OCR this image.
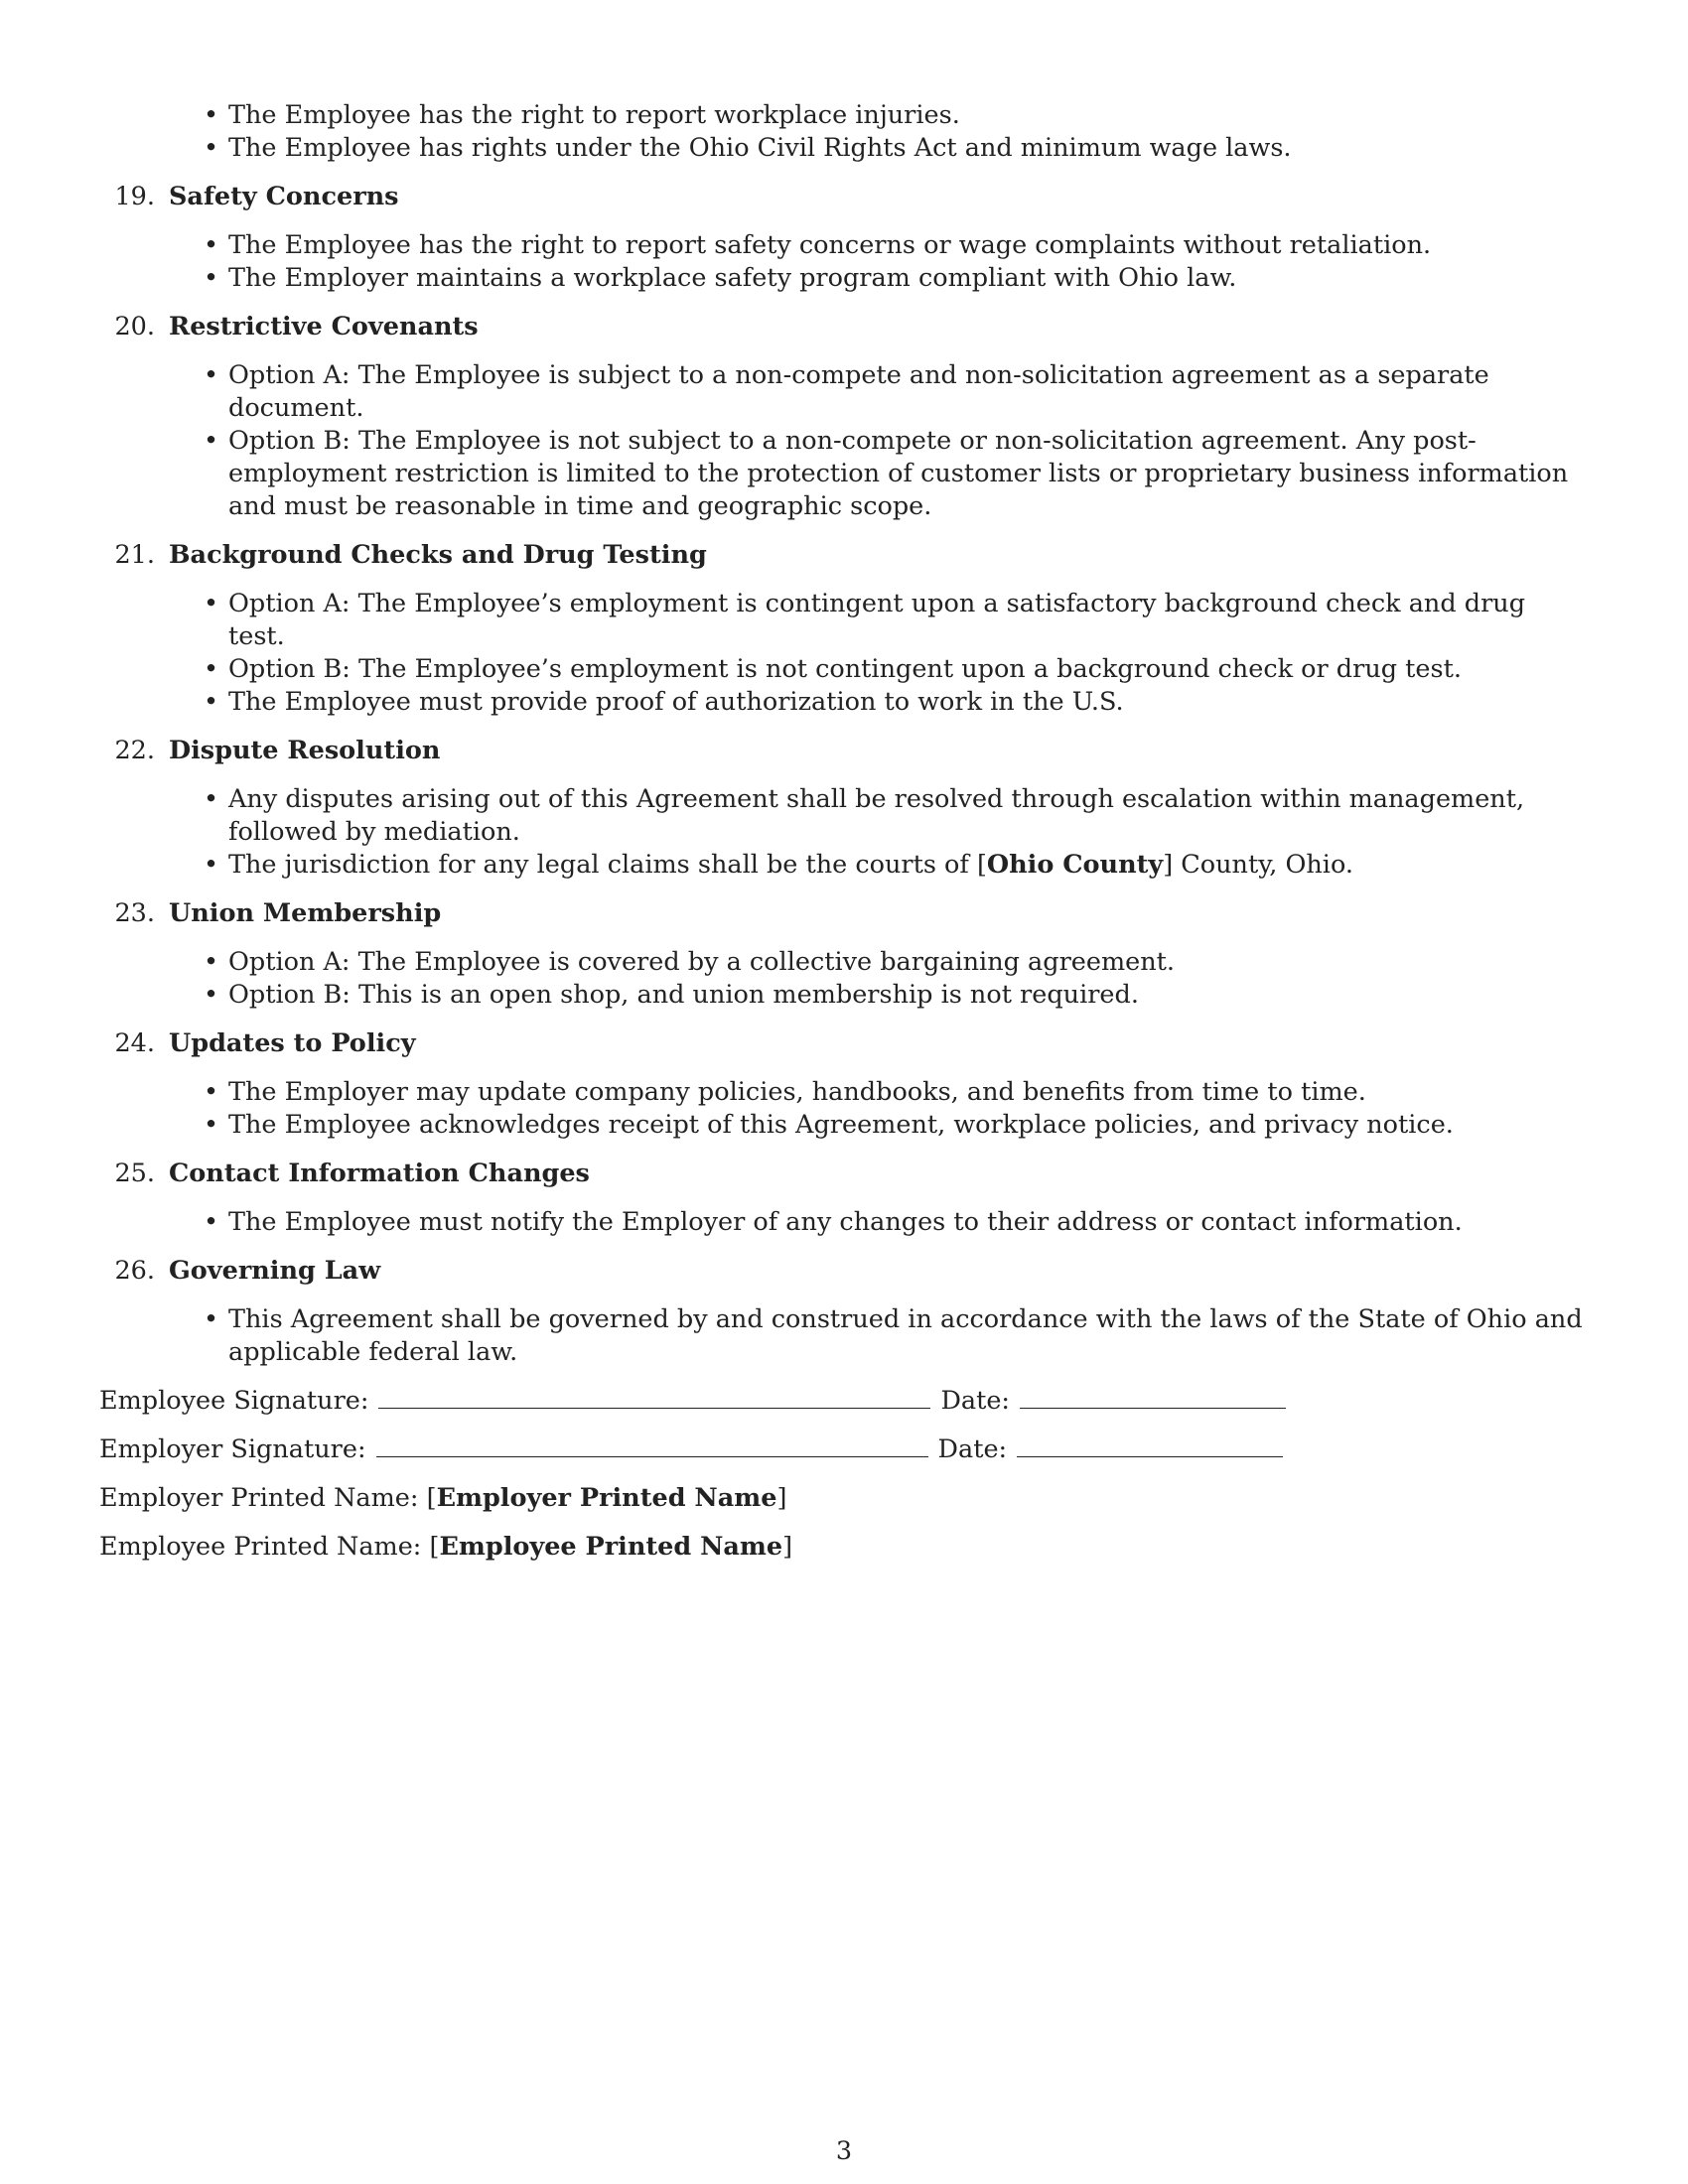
• The Employee has the right to report workplace injuries.
• The Employee has rights under the Ohio Civil Rights Act and minimum wage laws.
19. Safety Concerns
• The Employee has the right to report safety concerns or wage complaints without retaliation.
• The Employer maintains a workplace safety program compliant with Ohio law.
20. Restrictive Covenants
• Option A: The Employee is subject to a non-compete and non-solicitation agreement as a separate document.
• Option B: The Employee is not subject to a non-compete or non-solicitation agreement. Any post-employment restriction is limited to the protection of customer lists or proprietary business information and must be reasonable in time and geographic scope.
21. Background Checks and Drug Testing
• Option A: The Employee’s employment is contingent upon a satisfactory background check and drug test.
• Option B: The Employee’s employment is not contingent upon a background check or drug test.
• The Employee must provide proof of authorization to work in the U.S.
22. Dispute Resolution
• Any disputes arising out of this Agreement shall be resolved through escalation within management, followed by mediation.
• The jurisdiction for any legal claims shall be the courts of [Ohio County] County, Ohio.
23. Union Membership
• Option A: The Employee is covered by a collective bargaining agreement.
• Option B: This is an open shop, and union membership is not required.
24. Updates to Policy
• The Employer may update company policies, handbooks, and benefits from time to time.
• The Employee acknowledges receipt of this Agreement, workplace policies, and privacy notice.
25. Contact Information Changes
• The Employee must notify the Employer of any changes to their address or contact information.
26. Governing Law
• This Agreement shall be governed by and construed in accordance with the laws of the State of Ohio and applicable federal law.
Employee Signature:	Date:
Employer Signature:	Date:
Employer Printed Name: [Employer Printed Name]
Employee Printed Name: [Employee Printed Name]
3
